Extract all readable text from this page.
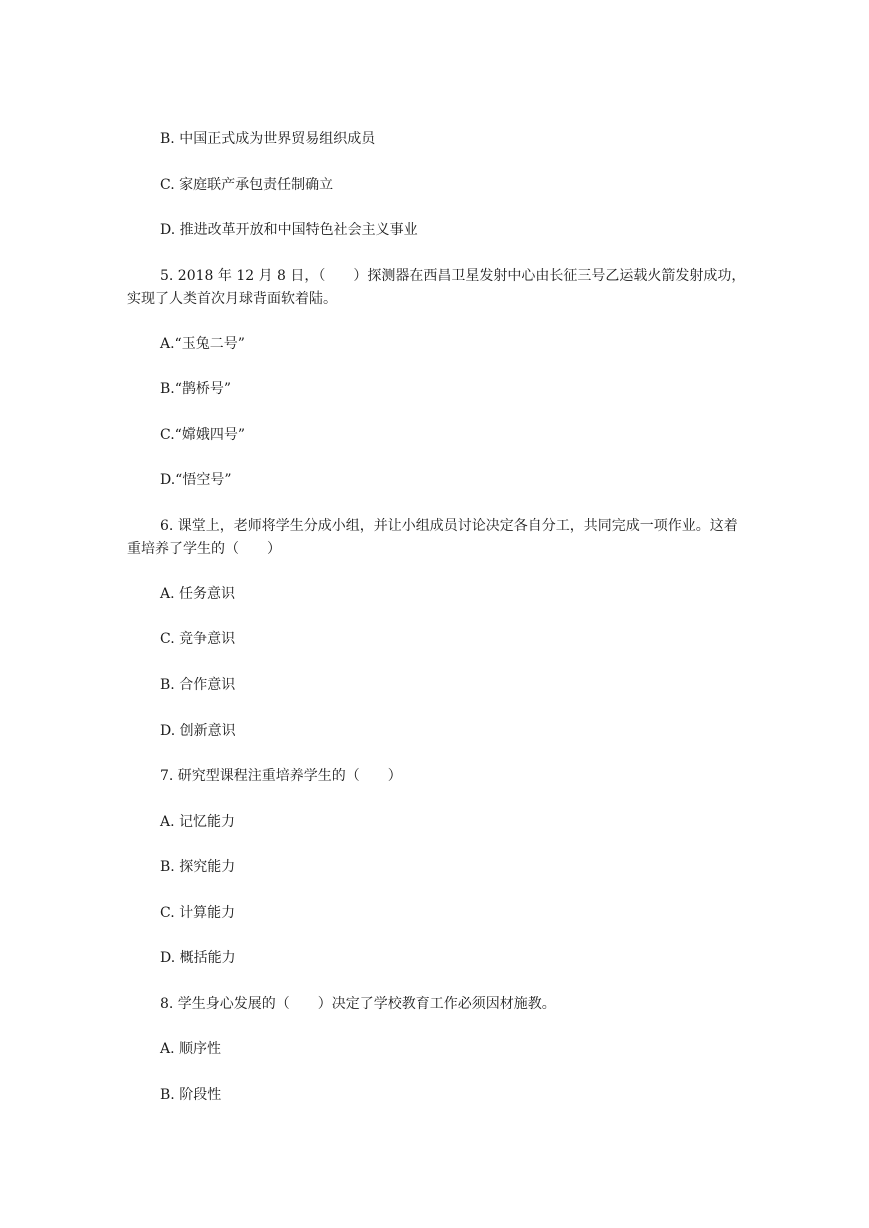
B. 中国正式成为世界贸易组织成员

C. 家庭联产承包责任制确立

D. 推进改革开放和中国特色社会主义事业

5. 2018 年 12 月 8 日，（　　）探测器在西昌卫星发射中心由长征三号乙运载火箭发射成功，实现了人类首次月球背面软着陆。

A.“玉兔二号”

B.“鹊桥号”

C.“嫦娥四号”

D.“悟空号”

6. 课堂上，老师将学生分成小组，并让小组成员讨论决定各自分工，共同完成一项作业。这着重培养了学生的（　　）

A. 任务意识

C. 竞争意识

B. 合作意识

D. 创新意识

7. 研究型课程注重培养学生的（　　）

A. 记忆能力

B. 探究能力

C. 计算能力

D. 概括能力

8. 学生身心发展的（　　）决定了学校教育工作必须因材施教。

A. 顺序性

B. 阶段性
